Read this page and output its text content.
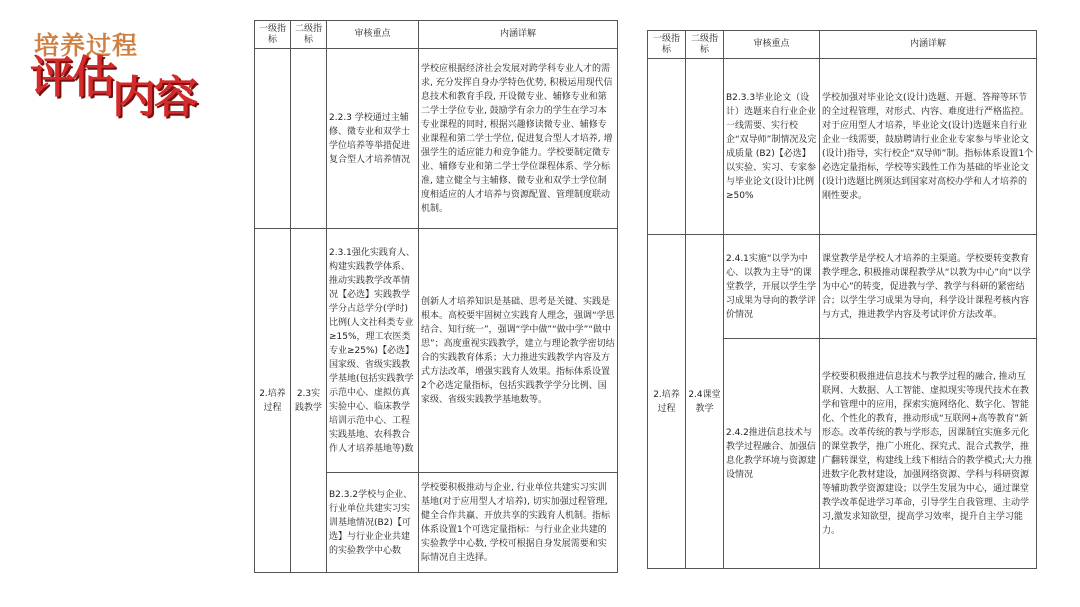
培养过程
评估
内容
一级指标	二级指标	审核重点	内涵详解
		2.2.3 学校通过主辅修、微专业和双学士学位培养等举措促进复合型人才培养情况	学校应根据经济社会发展对跨学科专业人才的需求, 充分发挥自身办学特色优势, 积极运用现代信息技术和教育手段, 开设微专业、辅修专业和第二学士学位专业, 鼓励学有余力的学生在学习本专业课程的同时, 根据兴趣修读微专业、辅修专业课程和第二学士学位, 促进复合型人才培养, 增强学生的适应能力和竞争能力。学校要制定微专业、辅修专业和第二学士学位课程体系、学分标准, 建立健全与主辅修、微专业和双学士学位制度相适应的人才培养与资源配置、管理制度联动机制。
2.培养过程	2.3实践教学	2.3.1强化实践育人、构建实践教学体系、推动实践教学改革情况【必选】实践教学学分占总学分(学时)比例(人文社科类专业≥15%，理工农医类专业≥25%)【必选】国家级、省级实践教学基地(包括实践教学示范中心、虚拟仿真实验中心、临床教学培训示范中心、工程实践基地、农科教合作人才培养基地等)数	创新人才培养知识是基础、思考是关键、实践是根本。高校要牢固树立实践育人理念，强调“学思结合、知行统一”，强调“学中做”“做中学”“做中思”；高度重视实践教学，建立与理论教学密切结合的实践教育体系；大力推进实践教学内容及方式方法改革，增强实践育人效果。指标体系设置2个必选定量指标，包括实践教学学分比例、国家级、省级实践教学基地数等。
		B2.3.2学校与企业、行业单位共建实习实训基地情况(B2)【可选】与行业企业共建的实验教学中心数	学校要积极推动与企业, 行业单位共建实习实训基地(对于应用型人才培养), 切实加强过程管理, 健全合作共赢、开放共享的实践育人机制。指标体系设置1个可选定量指标：与行业企业共建的实验教学中心数, 学校可根据自身发展需要和实际情况自主选择。
一级指标	二级指标	审核重点	内涵详解
		B2.3.3毕业论文（设计）选题来自行业企业一线需要、实行校企“双导师”制情况及完成质量 (B2)【必选】以实验、实习、专家参与毕业论文(设计)比例≥50%	学校加强对毕业论文(设计)选题、开题、答辩等环节的全过程管理，对形式、内容、难度进行严格监控。对于应用型人才培养，毕业论文(设计)选题来自行业企业一线需要，鼓励聘请行业企业专家参与毕业论文(设计)指导，实行校企“双导师”制。指标体系设置1个必选定量指标，学校等实践性工作为基础的毕业论文(设计)选题比例须达到国家对高校办学和人才培养的刚性要求。
2.培养过程	2.4课堂教学	2.4.1实施“以学为中心、以教为主导”的课堂教学，开展以学生学习成果为导向的教学评价情况	课堂教学是学校人才培养的主渠道。学校要转变教育教学理念, 积极推动课程教学从“以教为中心”向“以学为中心”的转变，促进教与学、教学与科研的紧密结合；以学生学习成果为导向，科学设计课程考核内容与方式，推进教学内容及考试评价方法改革。
		2.4.2推进信息技术与教学过程融合、加强信息化教学环境与资源建设情况	学校要积极推进信息技术与教学过程的融合, 推动互联网、大数据、人工智能、虚拟现实等现代技术在教学和管理中的应用，探索实施网络化、数字化、智能化、个性化的教育，推动形成“互联网+高等教育”新形态。改革传统的教与学形态，因课制宜实施多元化的课堂教学，推广小班化、探究式、混合式教学，推广翻转课堂，构建线上线下相结合的教学模式;大力推进数字化教材建设，加强网络资源、学科与科研资源等辅助教学资源建设；以学生发展为中心，通过课堂教学改革促进学习革命，引导学生自我管理、主动学习,激发求知欲望，提高学习效率，提升自主学习能力。
